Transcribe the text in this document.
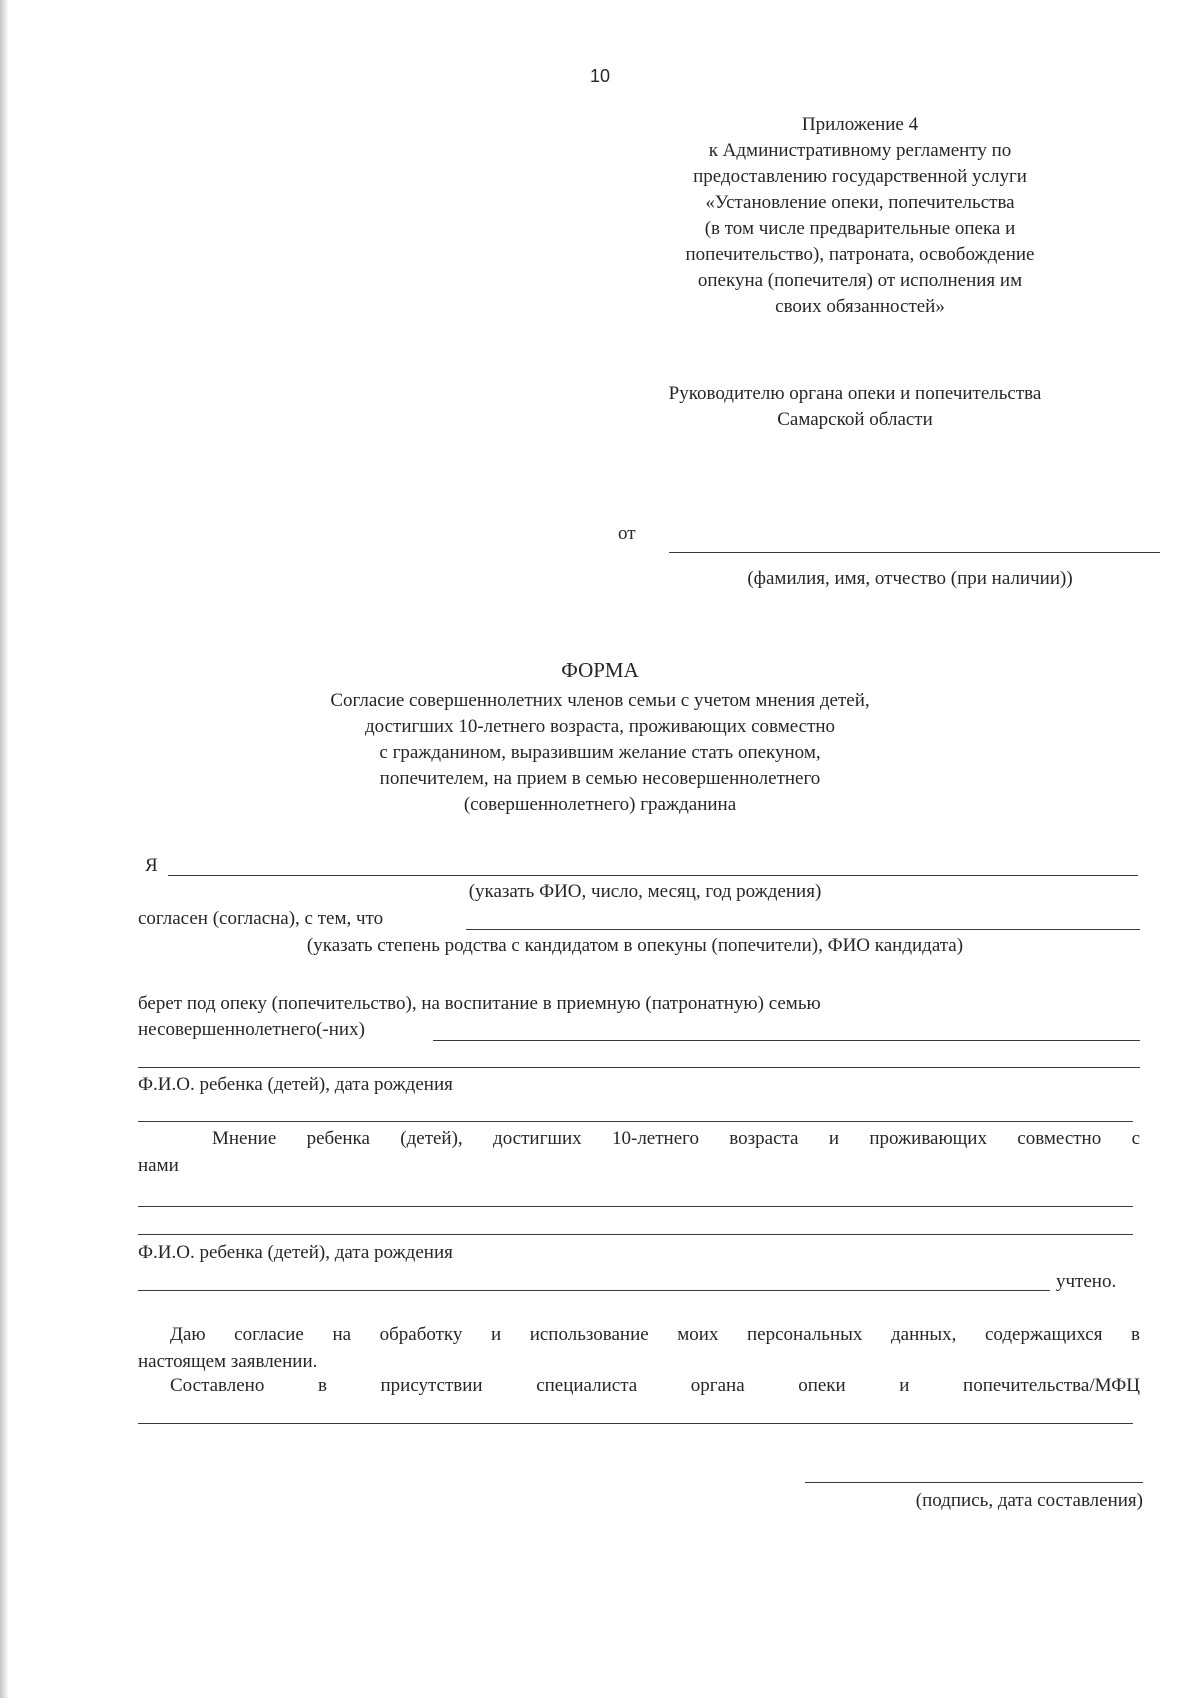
10
Приложение 4
к Административному регламенту по
предоставлению государственной услуги
«Установление опеки, попечительства
(в том числе предварительные опека и
попечительство), патроната, освобождение
опекуна (попечителя) от исполнения им
своих обязанностей»
Руководителю органа опеки и попечительства
Самарской области
от
(фамилия, имя, отчество (при наличии))
ФОРМА
Согласие совершеннолетних членов семьи с учетом мнения детей,
достигших 10-летнего возраста, проживающих совместно
с гражданином, выразившим желание стать опекуном,
попечителем, на прием в семью несовершеннолетнего
(совершеннолетнего) гражданина
Я
(указать ФИО, число, месяц, год рождения)
согласен (согласна), с тем, что
(указать степень родства с кандидатом в опекуны (попечители), ФИО кандидата)
берет под опеку (попечительство), на воспитание в приемную (патронатную) семью
несовершеннолетнего(-них)
Ф.И.О. ребенка (детей), дата рождения
Мнение ребенка (детей), достигших 10-летнего возраста и проживающих совместно с
нами
Ф.И.О. ребенка (детей), дата рождения
учтено.
Даю согласие на обработку и использование моих персональных данных, содержащихся в
настоящем заявлении.
Составлено	в	присутствии	специалиста	органа	опеки	и	попечительства/МФЦ
(подпись, дата составления)
